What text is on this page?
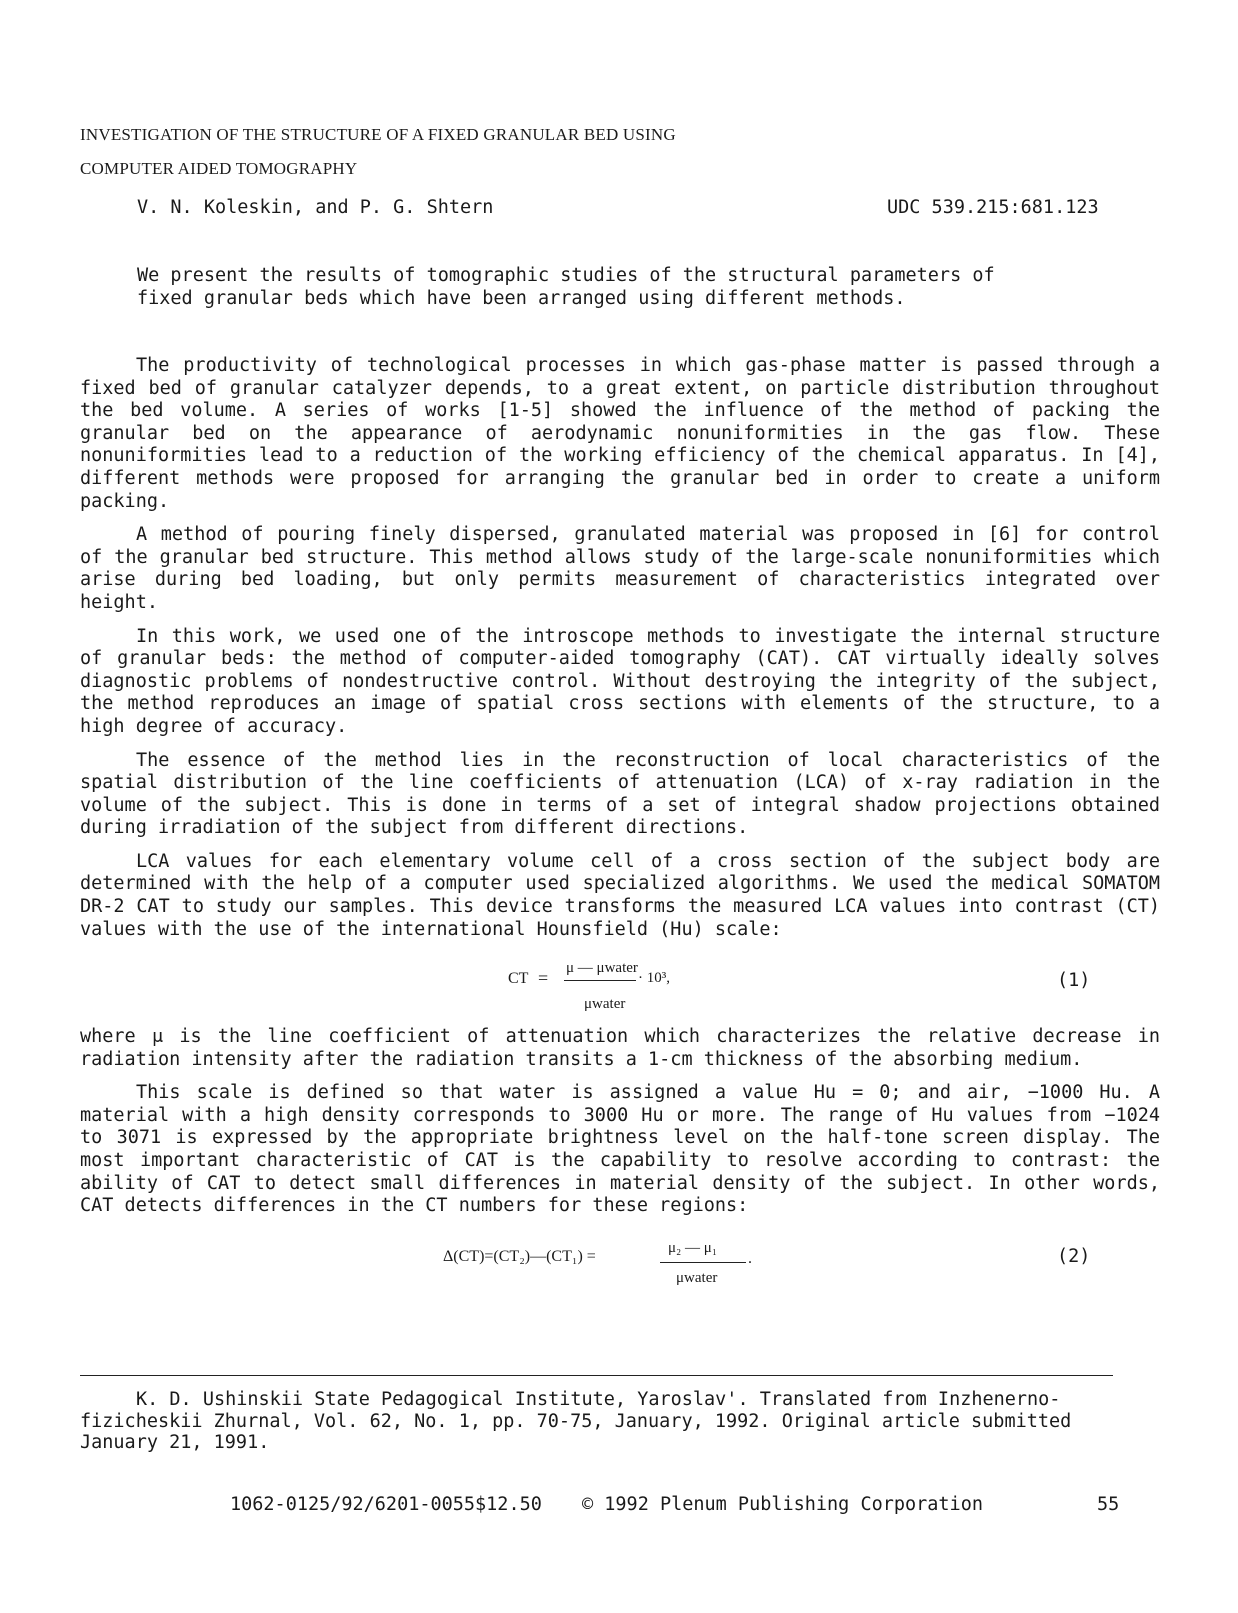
INVESTIGATION OF THE STRUCTURE OF A FIXED GRANULAR BED USING
COMPUTER AIDED TOMOGRAPHY
V. N. Koleskin, and P. G. Shtern	UDC 539.215:681.123

We present the results of tomographic studies of the structural parameters of fixed granular beds which have been arranged using different methods.

The productivity of technological processes in which gas-phase matter is passed through a fixed bed of granular catalyzer depends, to a great extent, on particle distribution throughout the bed volume. A series of works [1-5] showed the influence of the method of packing the granular bed on the appearance of aerodynamic nonuniformities in the gas flow. These nonuniformities lead to a reduction of the working efficiency of the chemical apparatus. In [4], different methods were proposed for arranging the granular bed in order to create a uniform packing.

A method of pouring finely dispersed, granulated material was proposed in [6] for control of the granular bed structure. This method allows study of the large-scale nonuniformities which arise during bed loading, but only permits measurement of characteristics integrated over height.

In this work, we used one of the introscope methods to investigate the internal structure of granular beds: the method of computer-aided tomography (CAT). CAT virtually ideally solves diagnostic problems of nondestructive control. Without destroying the integrity of the subject, the method reproduces an image of spatial cross sections with elements of the structure, to a high degree of accuracy.

The essence of the method lies in the reconstruction of local characteristics of the spatial distribution of the line coefficients of attenuation (LCA) of x-ray radiation in the volume of the subject. This is done in terms of a set of integral shadow projections obtained during irradiation of the subject from different directions.

LCA values for each elementary volume cell of a cross section of the subject body are determined with the help of a computer used specialized algorithms. We used the medical SOMATOM DR-2 CAT to study our samples. This device transforms the measured LCA values into contrast (CT) values with the use of the international Hounsfield (Hu) scale:

CT = μ — μwater
· 10³,
μwater
(1)

where μ is the line coefficient of attenuation which characterizes the relative decrease in radiation intensity after the radiation transits a 1-cm thickness of the absorbing medium.

This scale is defined so that water is assigned a value Hu = 0; and air, −1000 Hu. A material with a high density corresponds to 3000 Hu or more. The range of Hu values from −1024 to 3071 is expressed by the appropriate brightness level on the half-tone screen display. The most important characteristic of CAT is the capability to resolve according to contrast: the ability of CAT to detect small differences in material density of the subject. In other words, CAT detects differences in the CT numbers for these regions:

Δ(CT)=(CT₂)—(CT₁) =	μ₂ — μ₁
.
μwater
(2)

K. D. Ushinskii State Pedagogical Institute, Yaroslav'. Translated from Inzhenerno-fizicheskii Zhurnal, Vol. 62, No. 1, pp. 70-75, January, 1992. Original article submitted January 21, 1991.

1062-0125/92/6201-0055$12.50 © 1992 Plenum Publishing Corporation	55
